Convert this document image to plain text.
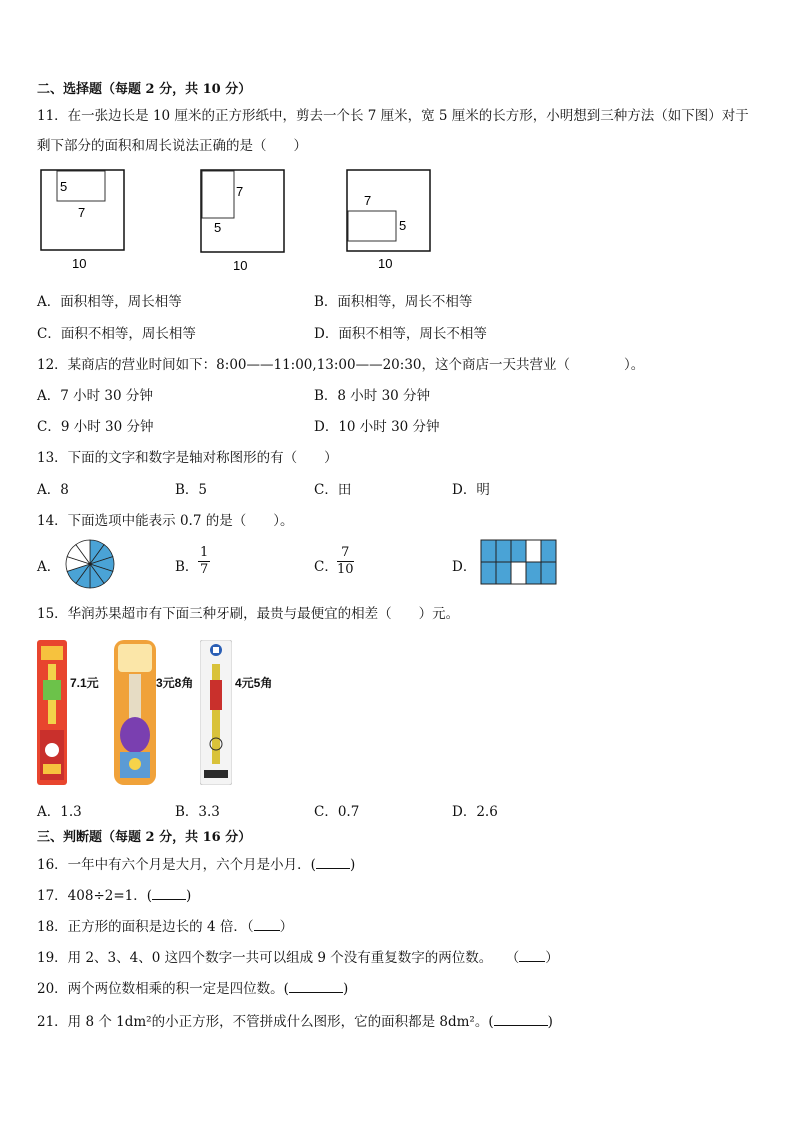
二、选择题（每题 2 分，共 10 分）
11．在一张边长是 10 厘米的正方形纸中，剪去一个长 7 厘米，宽 5 厘米的长方形，小明想到三种方法（如下图）对于
剩下部分的面积和周长说法正确的是（　　）
5
7
10
7
5
10
7
5
10
A．面积相等，周长相等	B．面积相等，周长不相等
C．面积不相等，周长相等	D．面积不相等，周长不相等
12．某商店的营业时间如下：8:00——11:00,13:00——20:30，这个商店一天共营业（　　　　）。
A．7 小时 30 分钟	B．8 小时 30 分钟
C．9 小时 30 分钟	D．10 小时 30 分钟
13．下面的文字和数字是轴对称图形的有（　　）
A．8	B．5	C．田	D．明
14．下面选项中能表示 0.7 的是（　　）。
A．	B． $\frac{1}{7}$	C． $\frac{7}{10}$	D．
15．华润苏果超市有下面三种牙刷，最贵与最便宜的相差（　　）元。
7.1元	3元8角	4元5角
A．1.3	B．3.3	C．0.7	D．2.6
三、判断题（每题 2 分，共 16 分）
16．一年中有六个月是大月，六个月是小月．(	)
17．408÷2=1．(	)
18．正方形的面积是边长的 4 倍．（ ）
19．用 2、3、4、0 这四个数字一共可以组成 9 个没有重复数字的两位数。　　（ ）
20．两个两位数相乘的积一定是四位数。(	)
21．用 8 个 1dm²的小正方形，不管拼成什么图形，它的面积都是 8dm²。(	)
